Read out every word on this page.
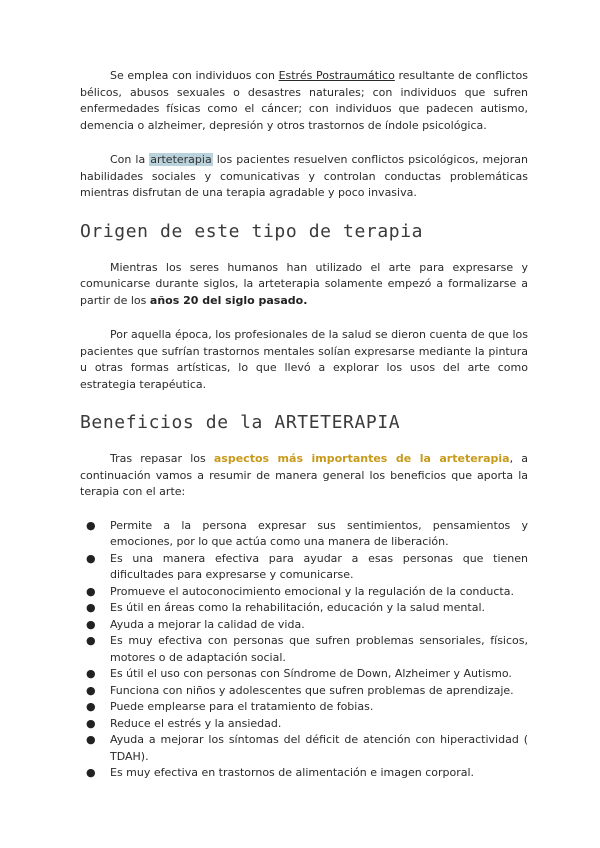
Se emplea con individuos con Estrés Postraumático resultante de conflictos bélicos, abusos sexuales o desastres naturales; con individuos que sufren enfermedades físicas como el cáncer; con individuos que padecen autismo, demencia o alzheimer, depresión y otros trastornos de índole psicológica.

Con la arteterapia los pacientes resuelven conflictos psicológicos, mejoran habilidades sociales y comunicativas y controlan conductas problemáticas mientras disfrutan de una terapia agradable y poco invasiva.

Origen de este tipo de terapia

Mientras los seres humanos han utilizado el arte para expresarse y comunicarse durante siglos, la arteterapia solamente empezó a formalizarse a partir de los años 20 del siglo pasado.

Por aquella época, los profesionales de la salud se dieron cuenta de que los pacientes que sufrían trastornos mentales solían expresarse mediante la pintura u otras formas artísticas, lo que llevó a explorar los usos del arte como estrategia terapéutica.

Beneficios de la ARTETERAPIA

Tras repasar los aspectos más importantes de la arteterapia, a continuación vamos a resumir de manera general los beneficios que aporta la terapia con el arte:

● Permite a la persona expresar sus sentimientos, pensamientos y emociones, por lo que actúa como una manera de liberación.
● Es una manera efectiva para ayudar a esas personas que tienen dificultades para expresarse y comunicarse.
● Promueve el autoconocimiento emocional y la regulación de la conducta.
● Es útil en áreas como la rehabilitación, educación y la salud mental.
● Ayuda a mejorar la calidad de vida.
● Es muy efectiva con personas que sufren problemas sensoriales, físicos, motores o de adaptación social.
● Es útil el uso con personas con Síndrome de Down, Alzheimer y Autismo.
● Funciona con niños y adolescentes que sufren problemas de aprendizaje.
● Puede emplearse para el tratamiento de fobias.
● Reduce el estrés y la ansiedad.
● Ayuda a mejorar los síntomas del déficit de atención con hiperactividad ( TDAH).
● Es muy efectiva en trastornos de alimentación e imagen corporal.
